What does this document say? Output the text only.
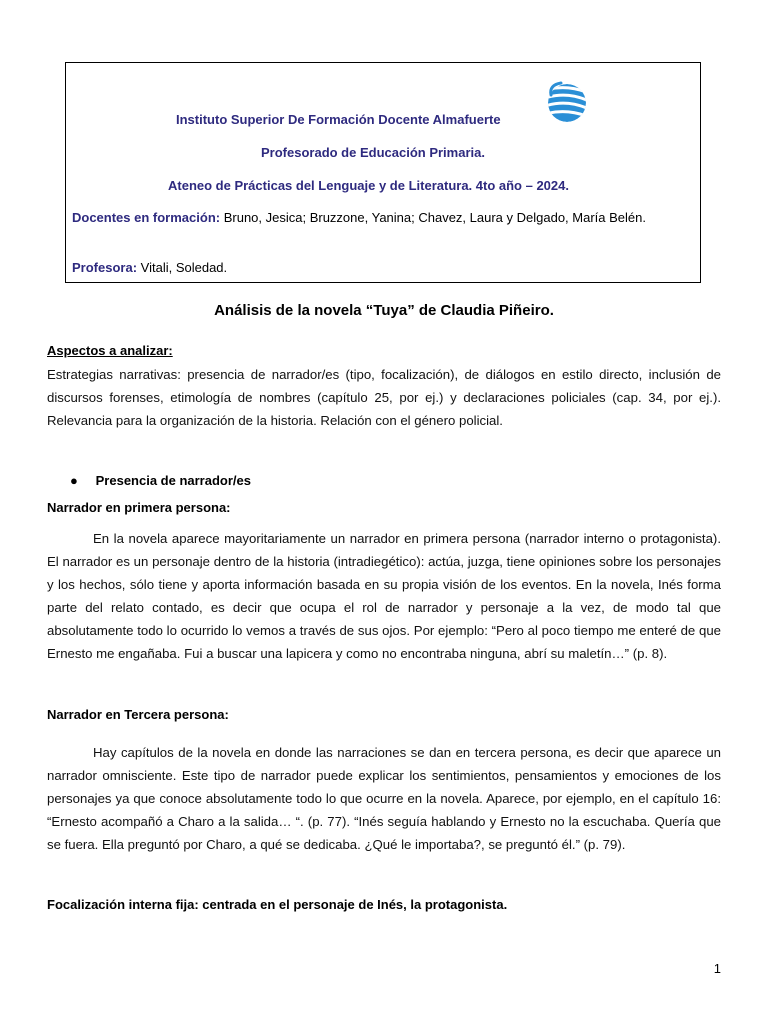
Instituto Superior De Formación Docente Almafuerte
Profesorado de Educación Primaria.
Ateneo de Prácticas del Lenguaje y de Literatura. 4to año – 2024.
Docentes en formación: Bruno, Jesica; Bruzzone, Yanina; Chavez, Laura y Delgado, María Belén.
Profesora: Vitali, Soledad.
Análisis de la novela “Tuya” de Claudia Piñeiro.
Aspectos a analizar:
Estrategias narrativas: presencia de narrador/es (tipo, focalización), de diálogos en estilo directo, inclusión de discursos forenses, etimología de nombres (capítulo 25, por ej.) y declaraciones policiales (cap. 34, por ej.). Relevancia para la organización de la historia. Relación con el género policial.
● Presencia de narrador/es
Narrador en primera persona:
En la novela aparece mayoritariamente un narrador en primera persona (narrador interno o protagonista). El narrador es un personaje dentro de la historia (intradiegético): actúa, juzga, tiene opiniones sobre los personajes y los hechos, sólo tiene y aporta información basada en su propia visión de los eventos. En la novela, Inés forma parte del relato contado, es decir que ocupa el rol de narrador y personaje a la vez, de modo tal que absolutamente todo lo ocurrido lo vemos a través de sus ojos. Por ejemplo: “Pero al poco tiempo me enteré de que Ernesto me engañaba. Fui a buscar una lapicera y como no encontraba ninguna, abrí su maletín…” (p. 8).
Narrador en Tercera persona:
Hay capítulos de la novela en donde las narraciones se dan en tercera persona, es decir que aparece un narrador omnisciente. Este tipo de narrador puede explicar los sentimientos, pensamientos y emociones de los personajes ya que conoce absolutamente todo lo que ocurre en la novela. Aparece, por ejemplo, en el capítulo 16: “Ernesto acompañó a Charo a la salida… “. (p. 77). “Inés seguía hablando y Ernesto no la escuchaba. Quería que se fuera. Ella preguntó por Charo, a qué se dedicaba. ¿Qué le importaba?, se preguntó él.” (p. 79).
Focalización interna fija: centrada en el personaje de Inés, la protagonista.
1
